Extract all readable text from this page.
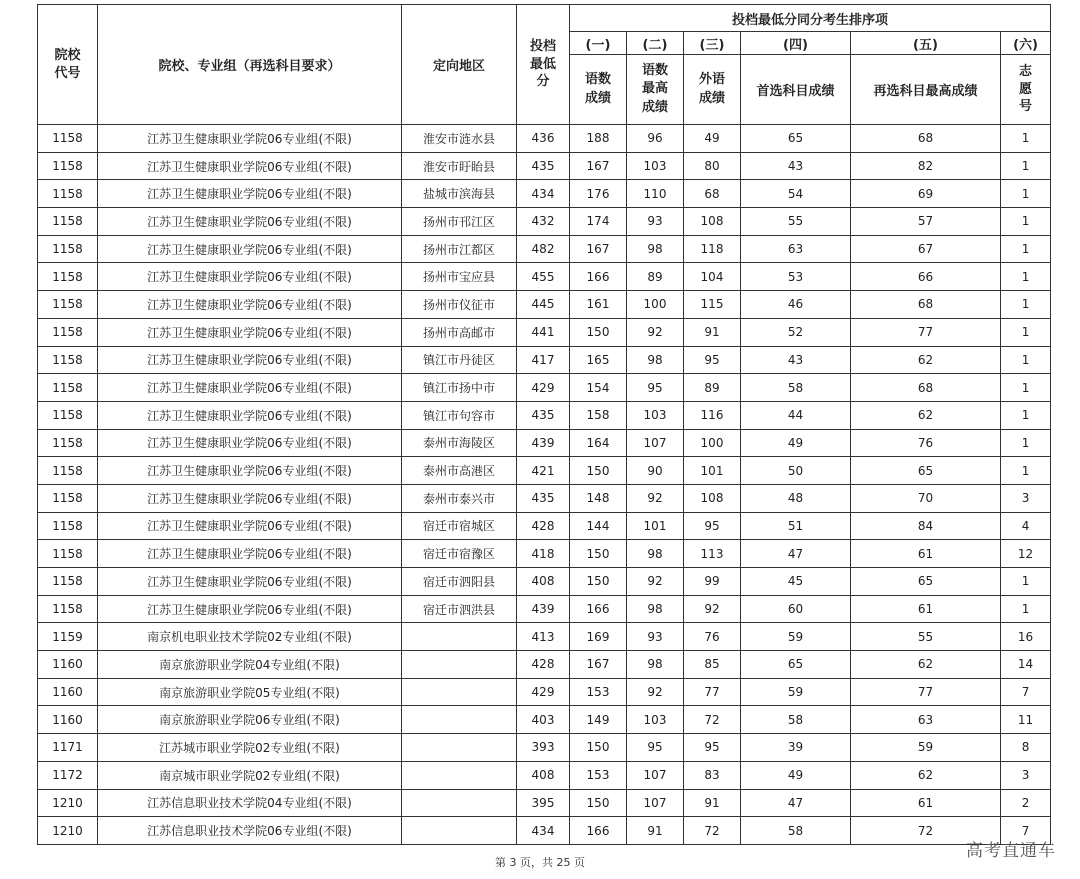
院校代号	院校、专业组（再选科目要求）	定向地区	投档最低分	投档最低分同分考生排序项					
				(一)	(二)	(三)	(四)	(五)	(六)

				语数成绩	语数最高成绩	外语成绩	首选科目成绩	再选科目最高成绩	志愿号

1158	江苏卫生健康职业学院06专业组(不限)	淮安市涟水县	436	188	96	49	65	68	1
1158	江苏卫生健康职业学院06专业组(不限)	淮安市盱眙县	435	167	103	80	43	82	1
1158	江苏卫生健康职业学院06专业组(不限)	盐城市滨海县	434	176	110	68	54	69	1
1158	江苏卫生健康职业学院06专业组(不限)	扬州市邗江区	432	174	93	108	55	57	1
1158	江苏卫生健康职业学院06专业组(不限)	扬州市江都区	482	167	98	118	63	67	1
1158	江苏卫生健康职业学院06专业组(不限)	扬州市宝应县	455	166	89	104	53	66	1
1158	江苏卫生健康职业学院06专业组(不限)	扬州市仪征市	445	161	100	115	46	68	1
1158	江苏卫生健康职业学院06专业组(不限)	扬州市高邮市	441	150	92	91	52	77	1
1158	江苏卫生健康职业学院06专业组(不限)	镇江市丹徒区	417	165	98	95	43	62	1
1158	江苏卫生健康职业学院06专业组(不限)	镇江市扬中市	429	154	95	89	58	68	1
1158	江苏卫生健康职业学院06专业组(不限)	镇江市句容市	435	158	103	116	44	62	1
1158	江苏卫生健康职业学院06专业组(不限)	泰州市海陵区	439	164	107	100	49	76	1
1158	江苏卫生健康职业学院06专业组(不限)	泰州市高港区	421	150	90	101	50	65	1
1158	江苏卫生健康职业学院06专业组(不限)	泰州市泰兴市	435	148	92	108	48	70	3
1158	江苏卫生健康职业学院06专业组(不限)	宿迁市宿城区	428	144	101	95	51	84	4
1158	江苏卫生健康职业学院06专业组(不限)	宿迁市宿豫区	418	150	98	113	47	61	12
1158	江苏卫生健康职业学院06专业组(不限)	宿迁市泗阳县	408	150	92	99	45	65	1
1158	江苏卫生健康职业学院06专业组(不限)	宿迁市泗洪县	439	166	98	92	60	61	1
1159	南京机电职业技术学院02专业组(不限)		413	169	93	76	59	55	16
1160	南京旅游职业学院04专业组(不限)		428	167	98	85	65	62	14
1160	南京旅游职业学院05专业组(不限)		429	153	92	77	59	77	7
1160	南京旅游职业学院06专业组(不限)		403	149	103	72	58	63	11
1171	江苏城市职业学院02专业组(不限)		393	150	95	95	39	59	8
1172	南京城市职业学院02专业组(不限)		408	153	107	83	49	62	3
1210	江苏信息职业技术学院04专业组(不限)		395	150	107	91	47	61	2
1210	江苏信息职业技术学院06专业组(不限)		434	166	91	72	58	72	7
第 3 页，共 25 页
高考直通车
